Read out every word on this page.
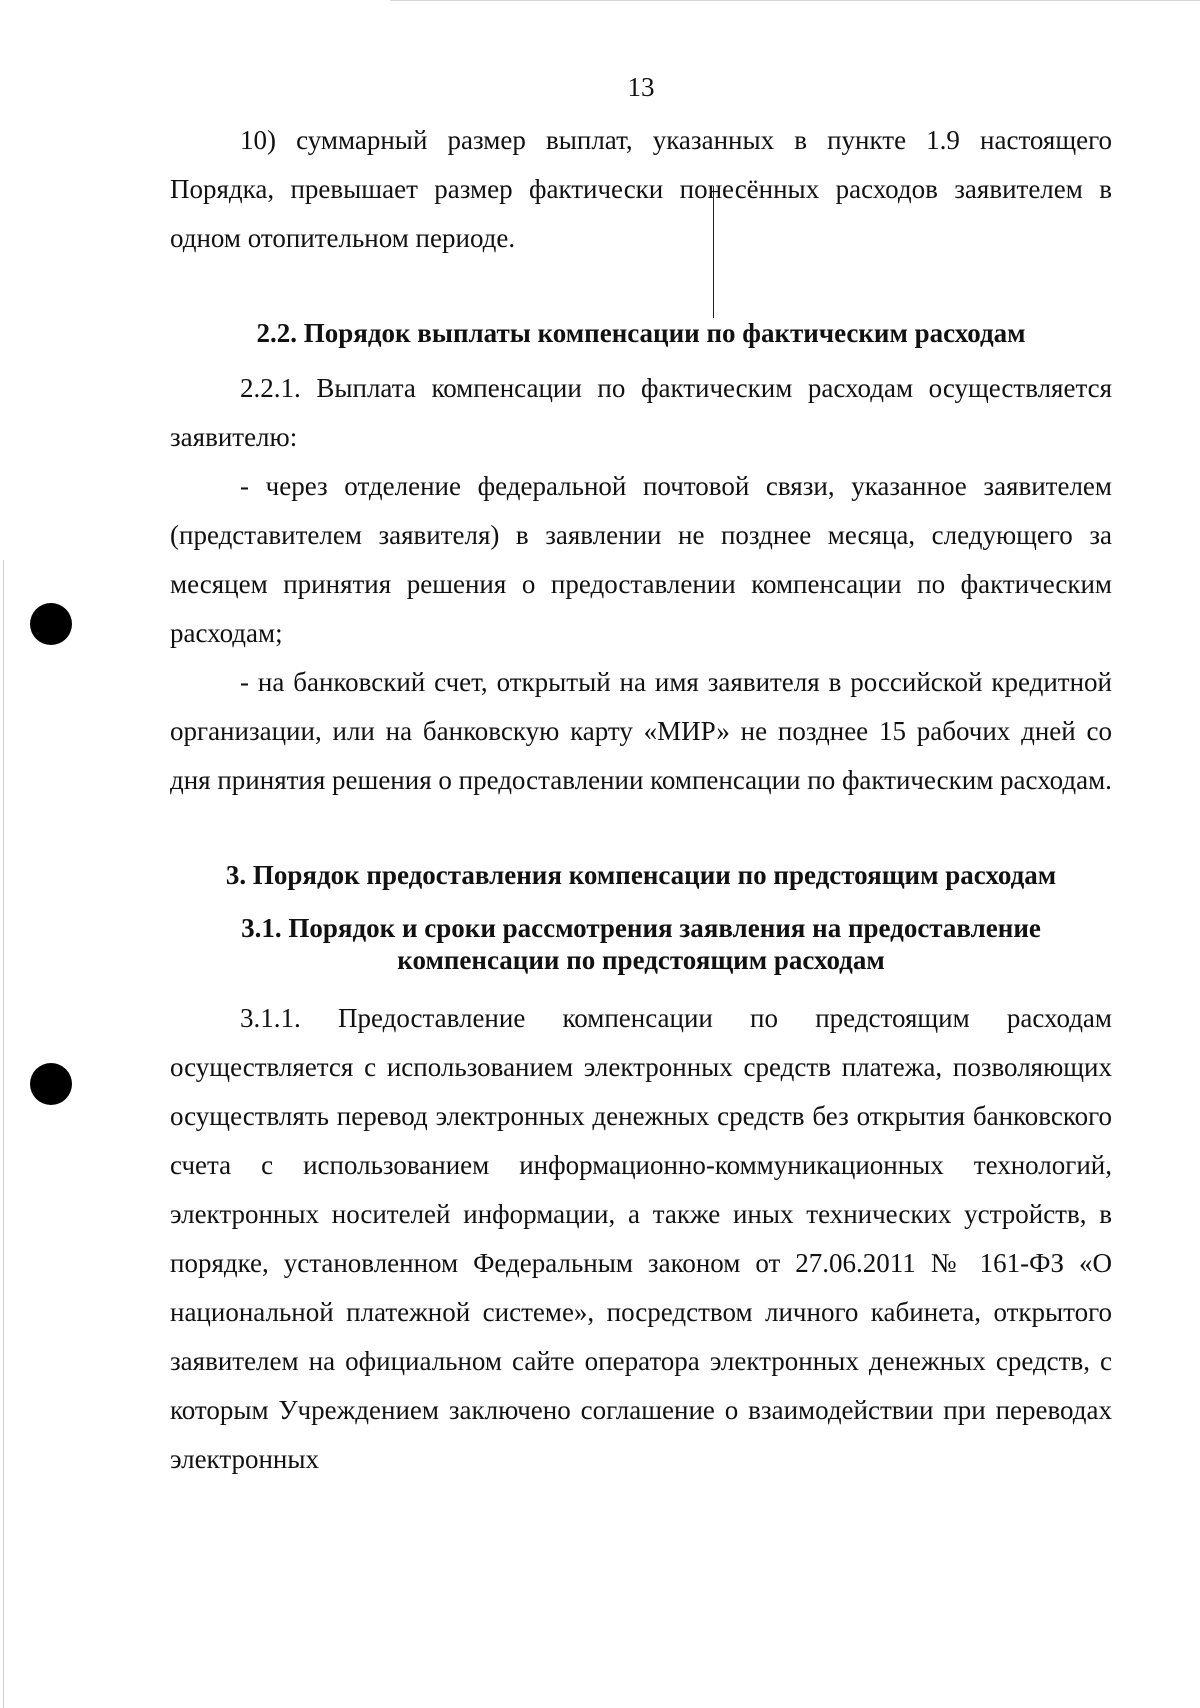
13

10) суммарный размер выплат, указанных в пункте 1.9 настоящего Порядка, превышает размер фактически понесённых расходов заявителем в одном отопительном периоде.

2.2. Порядок выплаты компенсации по фактическим расходам

2.2.1. Выплата компенсации по фактическим расходам осуществляется заявителю:

- через отделение федеральной почтовой связи, указанное заявителем (представителем заявителя) в заявлении не позднее месяца, следующего за месяцем принятия решения о предоставлении компенсации по фактическим расходам;

- на банковский счет, открытый на имя заявителя в российской кредитной организации, или на банковскую карту «МИР» не позднее 15 рабочих дней со дня принятия решения о предоставлении компенсации по фактическим расходам.

3. Порядок предоставления компенсации по предстоящим расходам
3.1. Порядок и сроки рассмотрения заявления на предоставление компенсации по предстоящим расходам

3.1.1. Предоставление компенсации по предстоящим расходам осуществляется с использованием электронных средств платежа, позволяющих осуществлять перевод электронных денежных средств без открытия банковского счета с использованием информационно-коммуникационных технологий, электронных носителей информации, а также иных технических устройств, в порядке, установленном Федеральным законом от 27.06.2011 № 161-ФЗ «О национальной платежной системе», посредством личного кабинета, открытого заявителем на официальном сайте оператора электронных денежных средств, с которым Учреждением заключено соглашение о взаимодействии при переводах электронных
